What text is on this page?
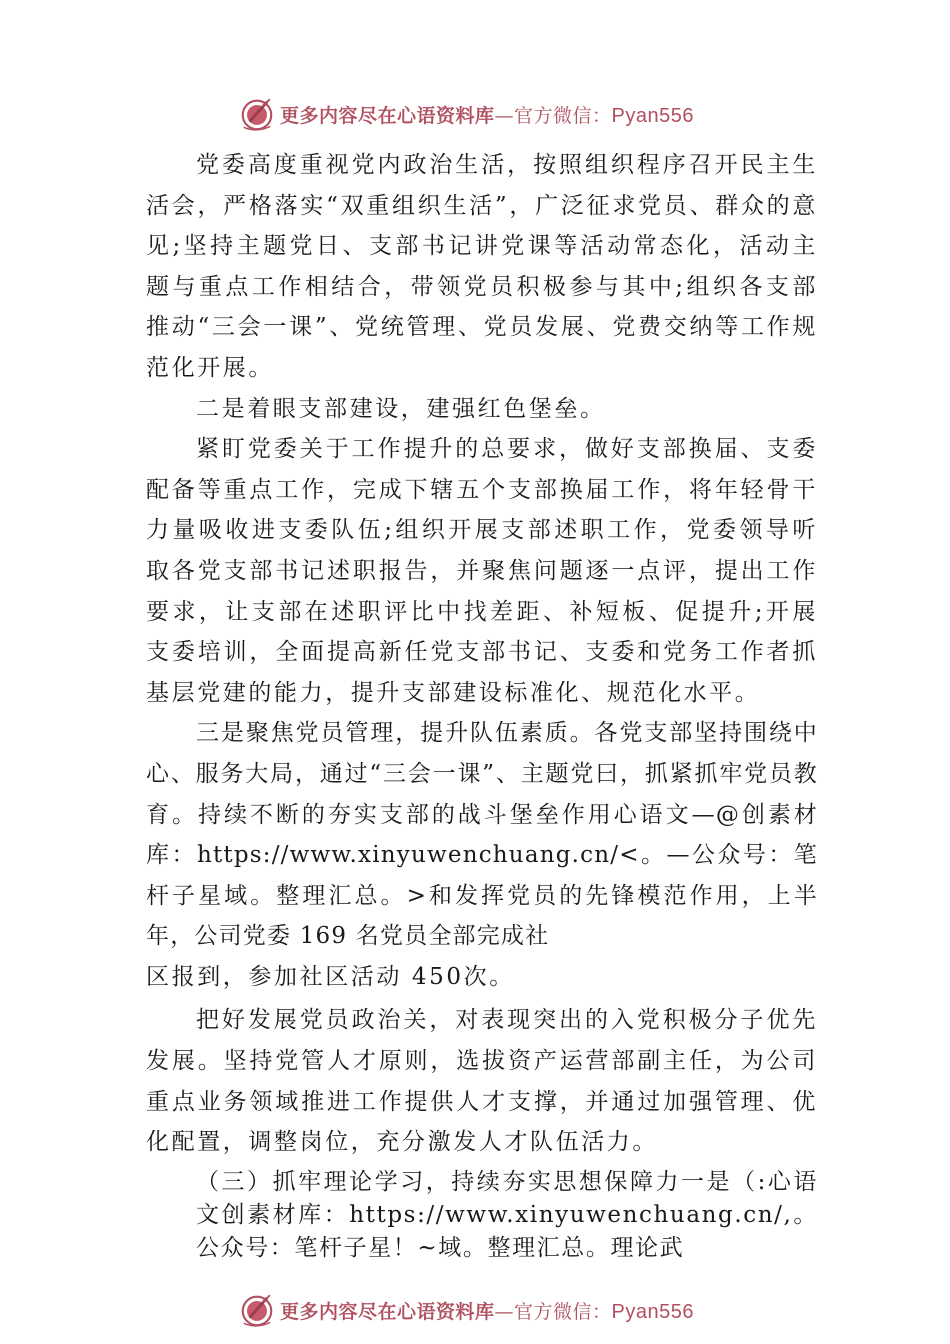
更多内容尽在心语资料库—官方微信：Pyan556

党委高度重视党内政治生活，按照组织程序召开民主生活会，严格落实“双重组织生活”，广泛征求党员、群众的意见;坚持主题党日、支部书记讲党课等活动常态化，活动主题与重点工作相结合，带领党员积极参与其中;组织各支部推动“三会一课”、党统管理、党员发展、党费交纳等工作规范化开展。

二是着眼支部建设，建强红色堡垒。

紧盯党委关于工作提升的总要求，做好支部换届、支委配备等重点工作，完成下辖五个支部换届工作，将年轻骨干力量吸收进支委队伍;组织开展支部述职工作，党委领导听取各党支部书记述职报告，并聚焦问题逐一点评，提出工作要求，让支部在述职评比中找差距、补短板、促提升;开展支委培训，全面提高新任党支部书记、支委和党务工作者抓基层党建的能力，提升支部建设标准化、规范化水平。

三是聚焦党员管理，提升队伍素质。各党支部坚持围绕中心、服务大局，通过“三会一课”、主题党曰，抓紧抓牢党员教育。持续不断的夯实支部的战斗堡垒作用心语文—@创素材库：https://www.xinyuwenchuang.cn/<。—公众号：笔杆子星域。整理汇总。>和发挥党员的先锋模范作用，上半年，公司党委 169 名党员全部完成社

区报到，参加社区活动 450次。

把好发展党员政治关，对表现突出的入党积极分子优先发展。坚持党管人才原则，选拔资产运营部副主任，为公司重点业务领域推进工作提供人才支撑，并通过加强管理、优化配置，调整岗位，充分激发人才队伍活力。

（三）抓牢理论学习，持续夯实思想保障力一是（:心语文创素材库：https://www.xinyuwenchuang.cn/,。公众号：笔杆子星！~域。整理汇总。理论武

更多内容尽在心语资料库—官方微信：Pyan556
